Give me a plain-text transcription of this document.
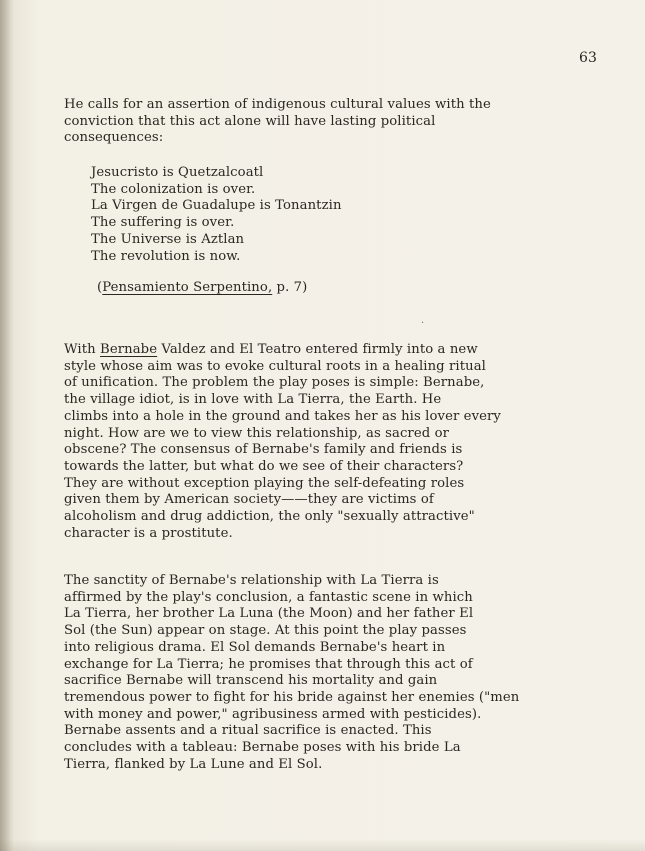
63
He calls for an assertion of indigenous cultural values with the
conviction that this act alone will have lasting political
consequences:
Jesucristo is Quetzalcoatl
The colonization is over.
La Virgen de Guadalupe is Tonantzin
The suffering is over.
The Universe is Aztlan
The revolution is now.
(Pensamiento Serpentino, p. 7)
·
With Bernabe Valdez and El Teatro entered firmly into a new
style whose aim was to evoke cultural roots in a healing ritual
of unification. The problem the play poses is simple: Bernabe,
the village idiot, is in love with La Tierra, the Earth. He
climbs into a hole in the ground and takes her as his lover every
night. How are we to view this relationship, as sacred or
obscene? The consensus of Bernabe's family and friends is
towards the latter, but what do we see of their characters?
They are without exception playing the self-defeating roles
given them by American society——they are victims of
alcoholism and drug addiction, the only "sexually attractive"
character is a prostitute.
The sanctity of Bernabe's relationship with La Tierra is
affirmed by the play's conclusion, a fantastic scene in which
La Tierra, her brother La Luna (the Moon) and her father El
Sol (the Sun) appear on stage. At this point the play passes
into religious drama. El Sol demands Bernabe's heart in
exchange for La Tierra; he promises that through this act of
sacrifice Bernabe will transcend his mortality and gain
tremendous power to fight for his bride against her enemies ("men
with money and power," agribusiness armed with pesticides).
Bernabe assents and a ritual sacrifice is enacted. This
concludes with a tableau: Bernabe poses with his bride La
Tierra, flanked by La Lune and El Sol.
